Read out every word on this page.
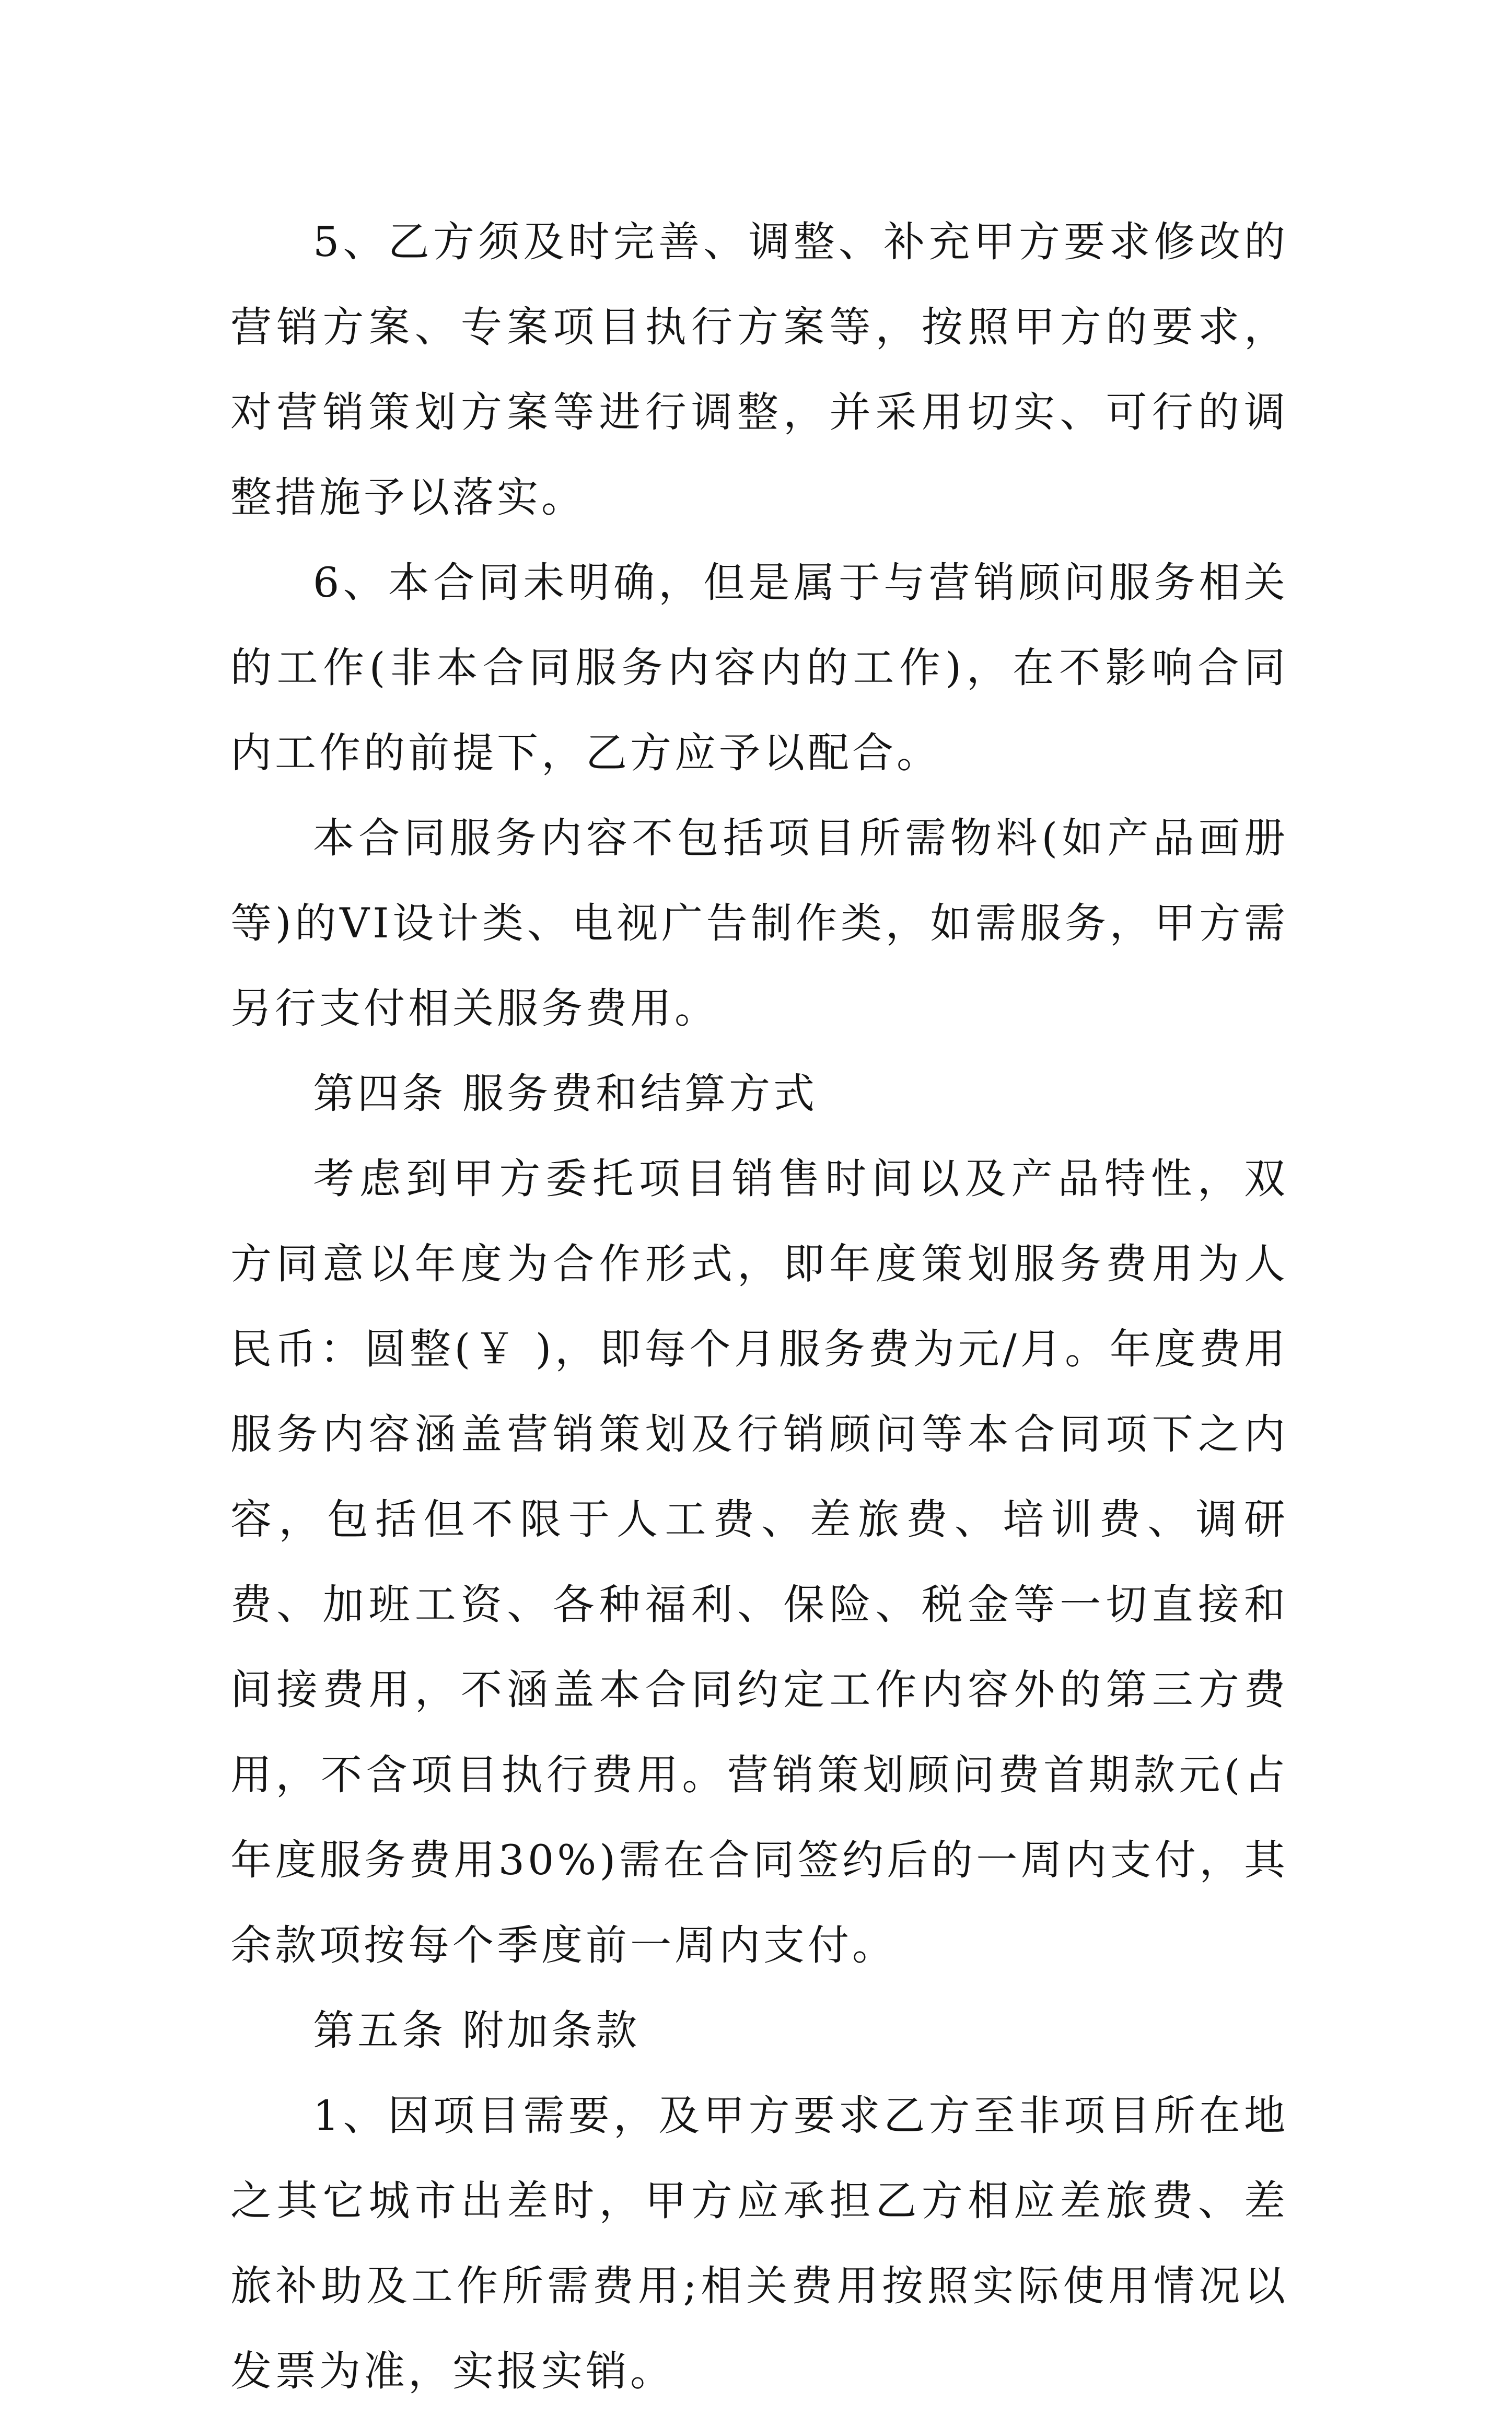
5、乙方须及时完善、调整、补充甲方要求修改的营销方案、专案项目执行方案等，按照甲方的要求，对营销策划方案等进行调整，并采用切实、可行的调整措施予以落实。

6、本合同未明确，但是属于与营销顾问服务相关的工作(非本合同服务内容内的工作)，在不影响合同内工作的前提下，乙方应予以配合。

本合同服务内容不包括项目所需物料(如产品画册等)的VI设计类、电视广告制作类，如需服务，甲方需另行支付相关服务费用。

第四条 服务费和结算方式

考虑到甲方委托项目销售时间以及产品特性，双方同意以年度为合作形式，即年度策划服务费用为人民币：圆整(￥ )，即每个月服务费为元/月。年度费用服务内容涵盖营销策划及行销顾问等本合同项下之内容，包括但不限于人工费、差旅费、培训费、调研费、加班工资、各种福利、保险、税金等一切直接和间接费用，不涵盖本合同约定工作内容外的第三方费用，不含项目执行费用。营销策划顾问费首期款元(占年度服务费用30%)需在合同签约后的一周内支付，其余款项按每个季度前一周内支付。

第五条 附加条款

1、因项目需要，及甲方要求乙方至非项目所在地之其它城市出差时，甲方应承担乙方相应差旅费、差旅补助及工作所需费用;相关费用按照实际使用情况以发票为准，实报实销。
